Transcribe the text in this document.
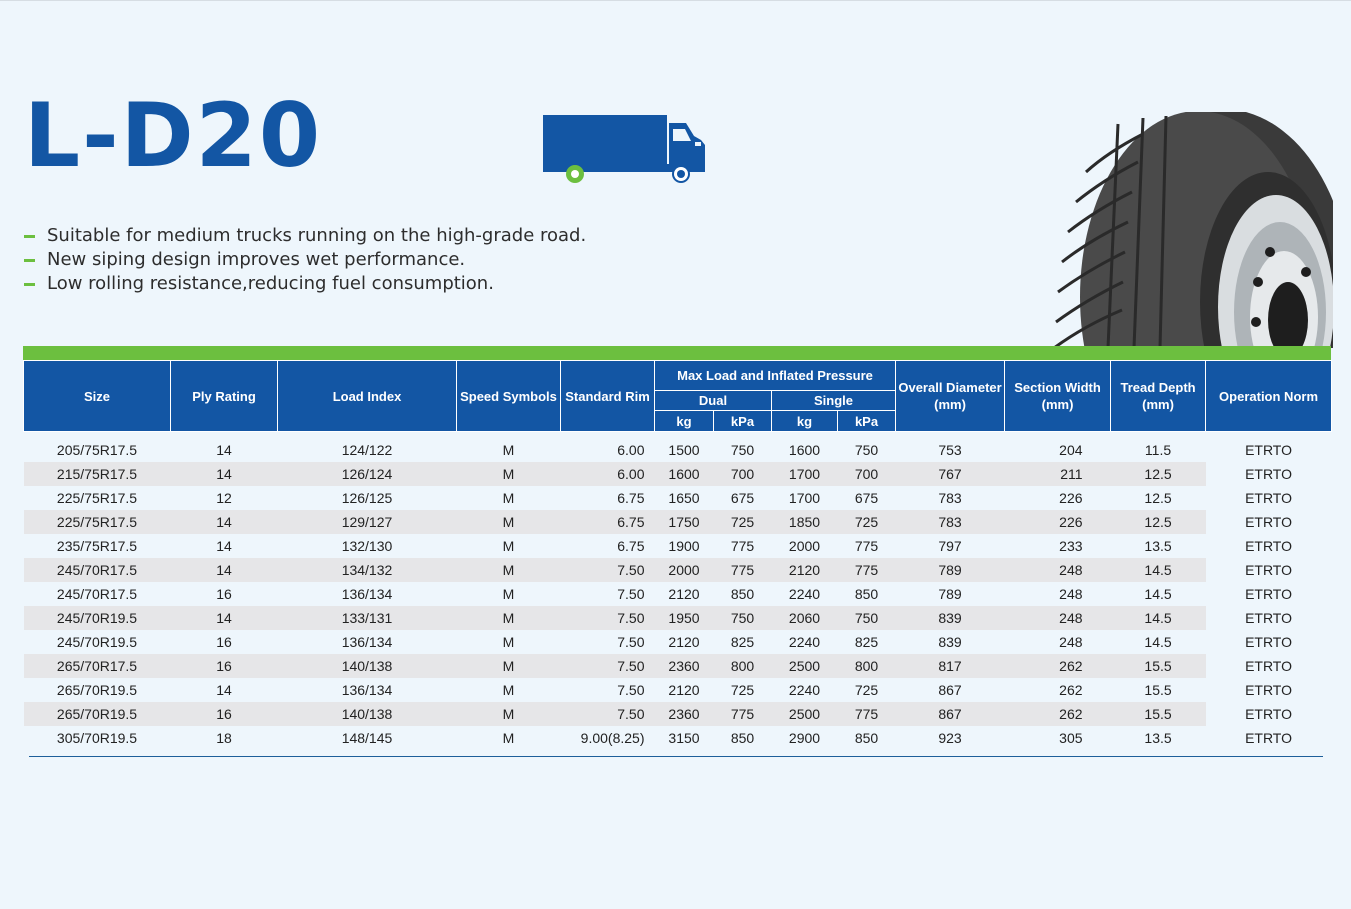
L-D20
Suitable for medium trucks running on the high-grade road.
New siping design improves wet performance.
Low rolling resistance,reducing fuel consumption.
Size	Ply Rating	Load Index	Speed Symbols	Standard Rim	Max Load and Inflated Pressure				Overall Diameter (mm)	Section Width (mm)	Tread Depth (mm)	Operation Norm
					Dual		Single					
					kg	kPa	kg	kPa				
205/75R17.5	14	124/122	M	6.00	1500	750	1600	750	753	204	11.5	ETRTO
215/75R17.5	14	126/124	M	6.00	1600	700	1700	700	767	211	12.5	ETRTO
225/75R17.5	12	126/125	M	6.75	1650	675	1700	675	783	226	12.5	ETRTO
225/75R17.5	14	129/127	M	6.75	1750	725	1850	725	783	226	12.5	ETRTO
235/75R17.5	14	132/130	M	6.75	1900	775	2000	775	797	233	13.5	ETRTO
245/70R17.5	14	134/132	M	7.50	2000	775	2120	775	789	248	14.5	ETRTO
245/70R17.5	16	136/134	M	7.50	2120	850	2240	850	789	248	14.5	ETRTO
245/70R19.5	14	133/131	M	7.50	1950	750	2060	750	839	248	14.5	ETRTO
245/70R19.5	16	136/134	M	7.50	2120	825	2240	825	839	248	14.5	ETRTO
265/70R17.5	16	140/138	M	7.50	2360	800	2500	800	817	262	15.5	ETRTO
265/70R19.5	14	136/134	M	7.50	2120	725	2240	725	867	262	15.5	ETRTO
265/70R19.5	16	140/138	M	7.50	2360	775	2500	775	867	262	15.5	ETRTO
305/70R19.5	18	148/145	M	9.00(8.25)	3150	850	2900	850	923	305	13.5	ETRTO
